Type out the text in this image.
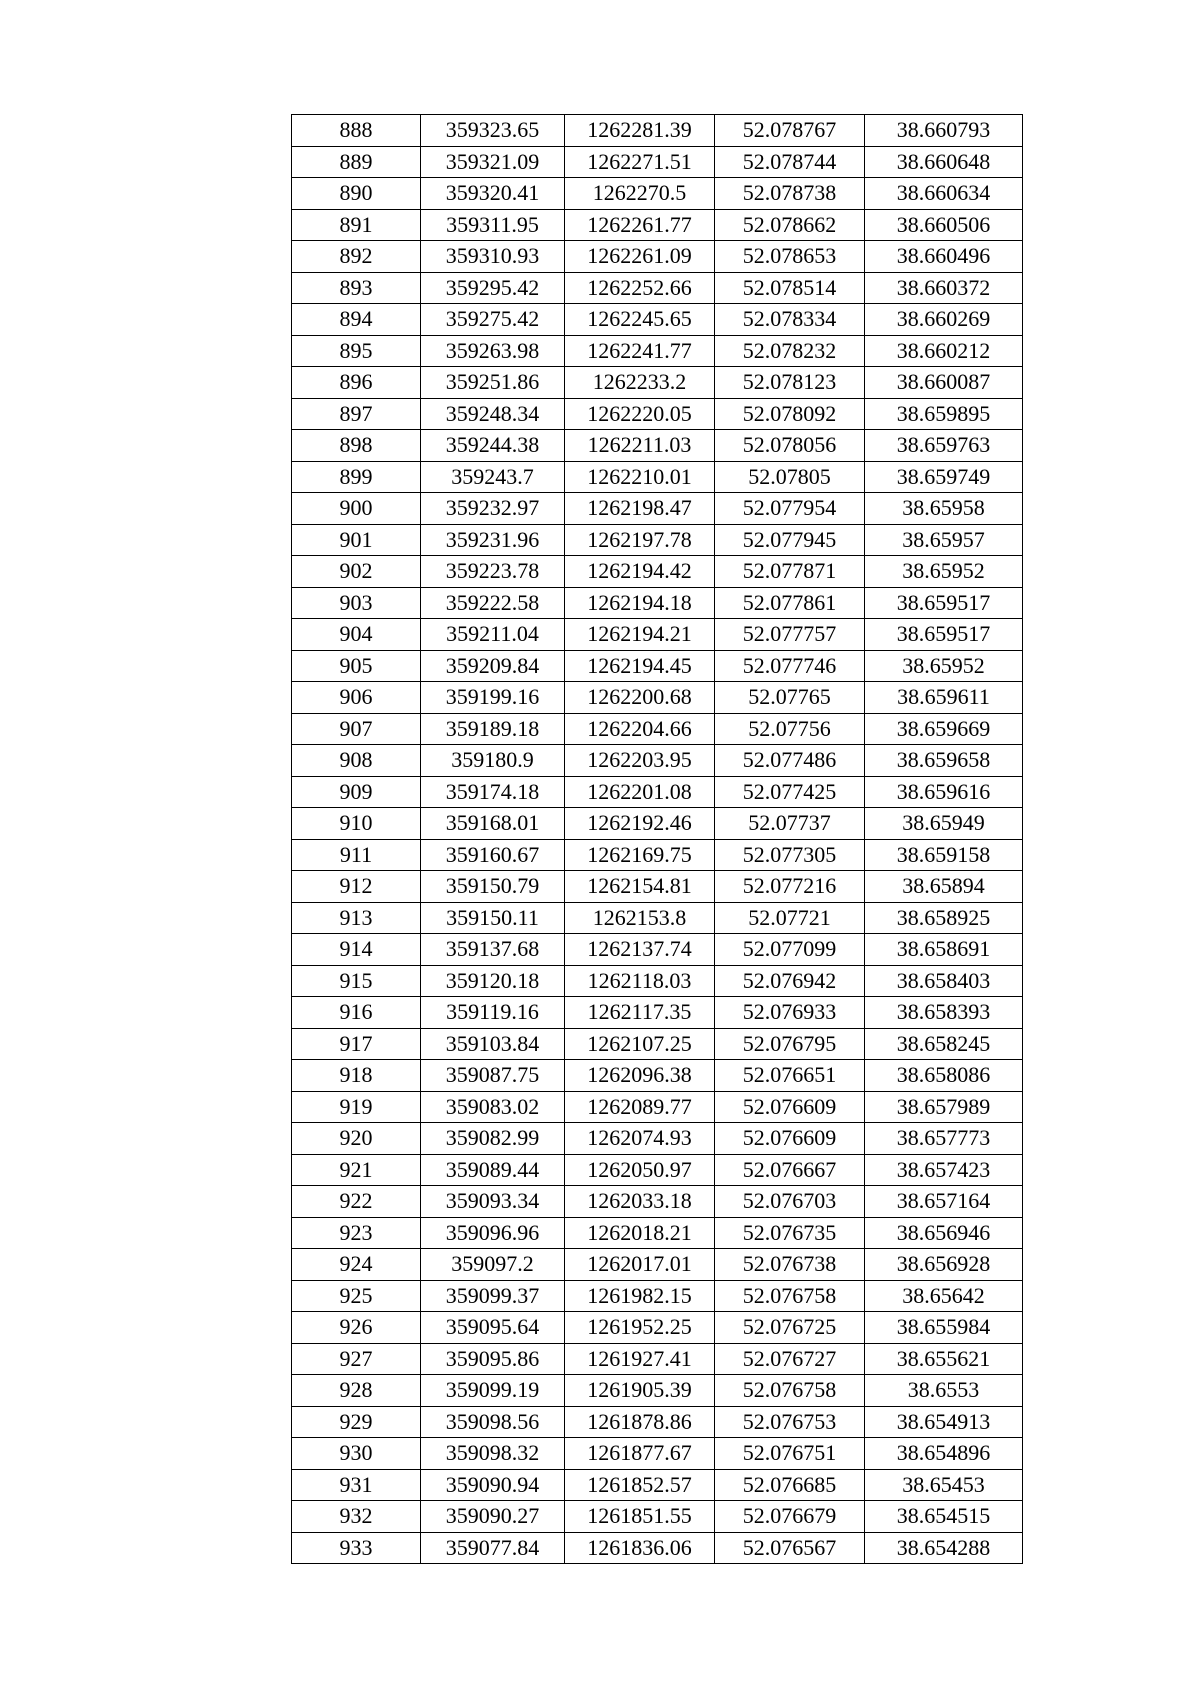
888	359323.65	1262281.39	52.078767	38.660793
889	359321.09	1262271.51	52.078744	38.660648
890	359320.41	1262270.5	52.078738	38.660634
891	359311.95	1262261.77	52.078662	38.660506
892	359310.93	1262261.09	52.078653	38.660496
893	359295.42	1262252.66	52.078514	38.660372
894	359275.42	1262245.65	52.078334	38.660269
895	359263.98	1262241.77	52.078232	38.660212
896	359251.86	1262233.2	52.078123	38.660087
897	359248.34	1262220.05	52.078092	38.659895
898	359244.38	1262211.03	52.078056	38.659763
899	359243.7	1262210.01	52.07805	38.659749
900	359232.97	1262198.47	52.077954	38.65958
901	359231.96	1262197.78	52.077945	38.65957
902	359223.78	1262194.42	52.077871	38.65952
903	359222.58	1262194.18	52.077861	38.659517
904	359211.04	1262194.21	52.077757	38.659517
905	359209.84	1262194.45	52.077746	38.65952
906	359199.16	1262200.68	52.07765	38.659611
907	359189.18	1262204.66	52.07756	38.659669
908	359180.9	1262203.95	52.077486	38.659658
909	359174.18	1262201.08	52.077425	38.659616
910	359168.01	1262192.46	52.07737	38.65949
911	359160.67	1262169.75	52.077305	38.659158
912	359150.79	1262154.81	52.077216	38.65894
913	359150.11	1262153.8	52.07721	38.658925
914	359137.68	1262137.74	52.077099	38.658691
915	359120.18	1262118.03	52.076942	38.658403
916	359119.16	1262117.35	52.076933	38.658393
917	359103.84	1262107.25	52.076795	38.658245
918	359087.75	1262096.38	52.076651	38.658086
919	359083.02	1262089.77	52.076609	38.657989
920	359082.99	1262074.93	52.076609	38.657773
921	359089.44	1262050.97	52.076667	38.657423
922	359093.34	1262033.18	52.076703	38.657164
923	359096.96	1262018.21	52.076735	38.656946
924	359097.2	1262017.01	52.076738	38.656928
925	359099.37	1261982.15	52.076758	38.65642
926	359095.64	1261952.25	52.076725	38.655984
927	359095.86	1261927.41	52.076727	38.655621
928	359099.19	1261905.39	52.076758	38.6553
929	359098.56	1261878.86	52.076753	38.654913
930	359098.32	1261877.67	52.076751	38.654896
931	359090.94	1261852.57	52.076685	38.65453
932	359090.27	1261851.55	52.076679	38.654515
933	359077.84	1261836.06	52.076567	38.654288
